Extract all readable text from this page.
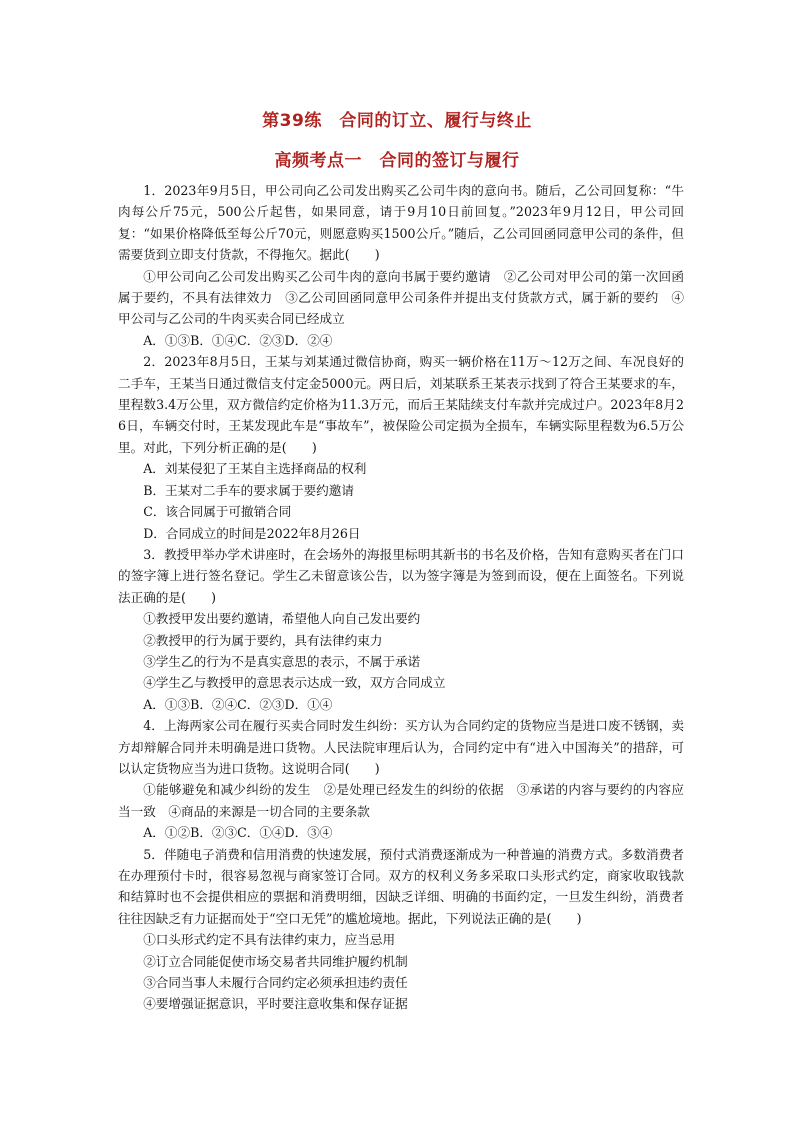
第39练　合同的订立、履行与终止
高频考点一　合同的签订与履行

1．2023年9月5日，甲公司向乙公司发出购买乙公司牛肉的意向书。随后，乙公司回复称：“牛肉每公斤75元，500公斤起售，如果同意，请于9月10日前回复。”2023年9月12日，甲公司回复：“如果价格降低至每公斤70元，则愿意购买1500公斤。”随后，乙公司回函同意甲公司的条件，但需要货到立即支付货款，不得拖欠。据此(　　)

①甲公司向乙公司发出购买乙公司牛肉的意向书属于要约邀请　②乙公司对甲公司的第一次回函属于要约，不具有法律效力　③乙公司回函同意甲公司条件并提出支付货款方式，属于新的要约　④甲公司与乙公司的牛肉买卖合同已经成立

A．①③B．①④C．②③D．②④

2．2023年8月5日，王某与刘某通过微信协商，购买一辆价格在11万～12万之间、车况良好的二手车，王某当日通过微信支付定金5000元。两日后，刘某联系王某表示找到了符合王某要求的车，里程数3.4万公里，双方微信约定价格为11.3万元，而后王某陆续支付车款并完成过户。2023年8月26日，车辆交付时，王某发现此车是“事故车”，被保险公司定损为全损车，车辆实际里程数为6.5万公里。对此，下列分析正确的是(　　)

A．刘某侵犯了王某自主选择商品的权利

B．王某对二手车的要求属于要约邀请

C．该合同属于可撤销合同

D．合同成立的时间是2022年8月26日

3．教授甲举办学术讲座时，在会场外的海报里标明其新书的书名及价格，告知有意购买者在门口的签字簿上进行签名登记。学生乙未留意该公告，以为签字簿是为签到而设，便在上面签名。下列说法正确的是(　　)

①教授甲发出要约邀请，希望他人向自己发出要约

②教授甲的行为属于要约，具有法律约束力

③学生乙的行为不是真实意思的表示，不属于承诺

④学生乙与教授甲的意思表示达成一致，双方合同成立

A．①③B．②④C．②③D．①④

4．上海两家公司在履行买卖合同时发生纠纷：买方认为合同约定的货物应当是进口废不锈钢，卖方却辩解合同并未明确是进口货物。人民法院审理后认为，合同约定中有“进入中国海关”的措辞，可以认定货物应当为进口货物。这说明合同(　　)

①能够避免和减少纠纷的发生　②是处理已经发生的纠纷的依据　③承诺的内容与要约的内容应当一致　④商品的来源是一切合同的主要条款

A．①②B．②③C．①④D．③④

5．伴随电子消费和信用消费的快速发展，预付式消费逐渐成为一种普遍的消费方式。多数消费者在办理预付卡时，很容易忽视与商家签订合同。双方的权利义务多采取口头形式约定，商家收取钱款和结算时也不会提供相应的票据和消费明细，因缺乏详细、明确的书面约定，一旦发生纠纷，消费者往往因缺乏有力证据而处于“空口无凭”的尴尬境地。据此，下列说法正确的是(　　)

①口头形式约定不具有法律约束力，应当忌用

②订立合同能促使市场交易者共同维护履约机制

③合同当事人未履行合同约定必须承担违约责任

④要增强证据意识，平时要注意收集和保存证据
